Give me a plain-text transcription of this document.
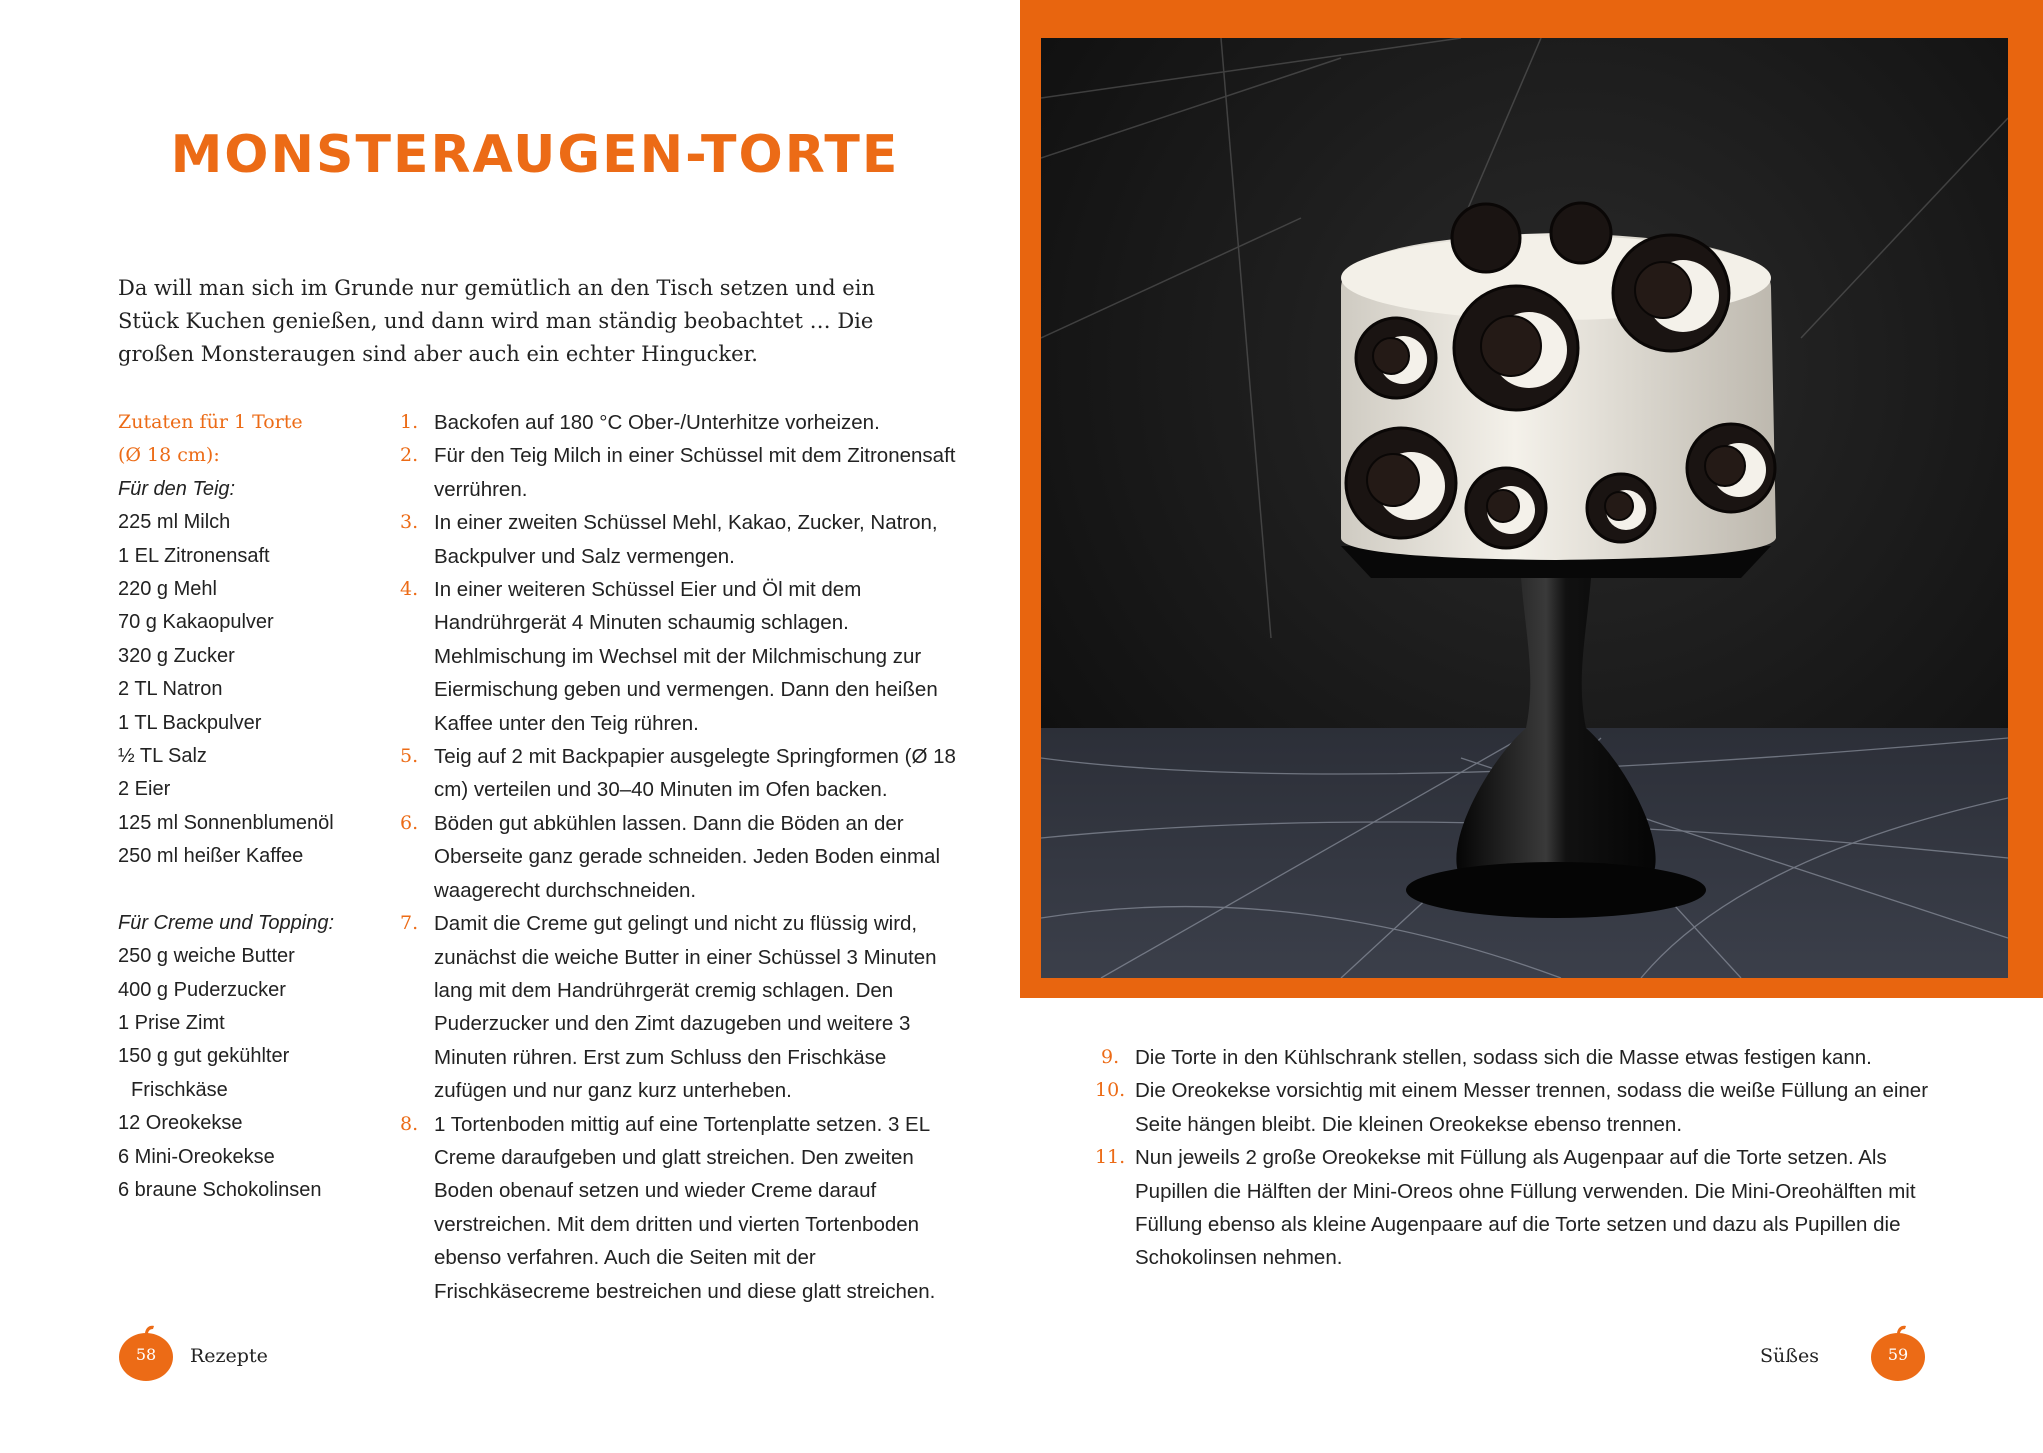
MONSTERAUGEN-TORTE
Da will man sich im Grunde nur gemütlich an den Tisch setzen und ein Stück Kuchen genießen, und dann wird man ständig beobachtet … Die großen Monsteraugen sind aber auch ein echter Hingucker.
Zutaten für 1 Torte
(Ø 18 cm):
Für den Teig:
225 ml Milch
1 EL Zitronensaft
220 g Mehl
70 g Kakaopulver
320 g Zucker
2 TL Natron
1 TL Backpulver
½ TL Salz
2 Eier
125 ml Sonnenblumenöl
250 ml heißer Kaffee
Für Creme und Topping:
250 g weiche Butter
400 g Puderzucker
1 Prise Zimt
150 g gut gekühlter
Frischkäse
12 Oreokekse
6 Mini-Oreokekse
6 braune Schokolinsen
1. Backofen auf 180 °C Ober-/Unterhitze vorheizen.
2. Für den Teig Milch in einer Schüssel mit dem Zitronensaft verrühren.
3. In einer zweiten Schüssel Mehl, Kakao, Zucker, Natron, Backpulver und Salz vermengen.
4. In einer weiteren Schüssel Eier und Öl mit dem Handrührgerät 4 Minuten schaumig schlagen. Mehlmischung im Wechsel mit der Milchmischung zur Eiermischung geben und vermengen. Dann den heißen Kaffee unter den Teig rühren.
5. Teig auf 2 mit Backpapier ausgelegte Springformen (Ø 18 cm) verteilen und 30–40 Minuten im Ofen backen.
6. Böden gut abkühlen lassen. Dann die Böden an der Oberseite ganz gerade schneiden. Jeden Boden einmal waagerecht durchschneiden.
7. Damit die Creme gut gelingt und nicht zu flüssig wird, zunächst die weiche Butter in einer Schüssel 3 Minuten lang mit dem Handrührgerät cremig schlagen. Den Puderzucker und den Zimt dazugeben und weitere 3 Minuten rühren. Erst zum Schluss den Frischkäse zufügen und nur ganz kurz unterheben.
8. 1 Tortenboden mittig auf eine Tortenplatte setzen. 3 EL Creme daraufgeben und glatt streichen. Den zweiten Boden obenauf setzen und wieder Creme darauf verstreichen. Mit dem dritten und vierten Tortenboden ebenso verfahren. Auch die Seiten mit der Frischkäsecreme bestreichen und diese glatt streichen.
58	Rezepte
9. Die Torte in den Kühlschrank stellen, sodass sich die Masse etwas festigen kann.
10. Die Oreokekse vorsichtig mit einem Messer trennen, sodass die weiße Füllung an einer Seite hängen bleibt. Die kleinen Oreokekse ebenso trennen.
11. Nun jeweils 2 große Oreokekse mit Füllung als Augenpaar auf die Torte setzen. Als Pupillen die Hälften der Mini-Oreos ohne Füllung verwenden. Die Mini-Oreohälften mit Füllung ebenso als kleine Augenpaare auf die Torte setzen und dazu als Pupillen die Schokolinsen nehmen.
Süßes	59
